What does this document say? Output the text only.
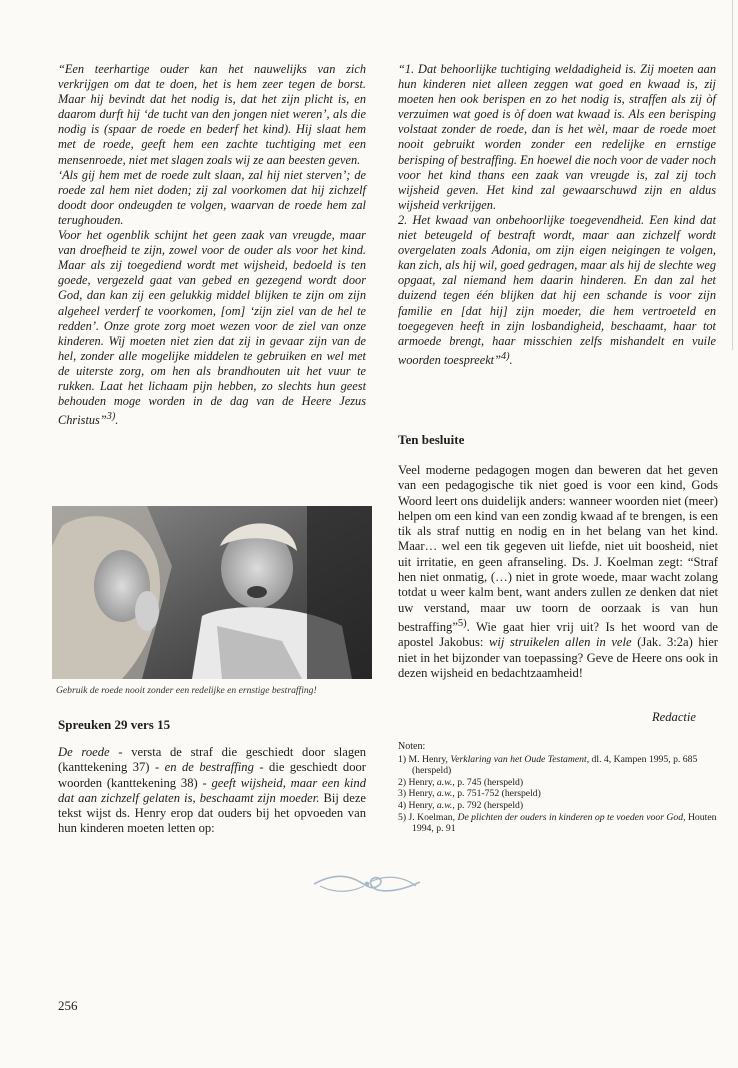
“Een teerhartige ouder kan het nauwelijks van zich verkrijgen om dat te doen, het is hem zeer tegen de borst. Maar hij bevindt dat het nodig is, dat het zijn plicht is, en daarom durft hij ‘de tucht van den jongen niet weren’, als die nodig is (spaar de roede en bederf het kind). Hij slaat hem met de roede, geeft hem een zachte tuchtiging met een mensenroede, niet met slagen zoals wij ze aan beesten geven.

‘Als gij hem met de roede zult slaan, zal hij niet sterven’; de roede zal hem niet doden; zij zal voorkomen dat hij zichzelf doodt door ondeugden te volgen, waarvan de roede hem zal terughouden.

Voor het ogenblik schijnt het geen zaak van vreugde, maar van droefheid te zijn, zowel voor de ouder als voor het kind. Maar als zij toegediend wordt met wijsheid, bedoeld is ten goede, vergezeld gaat van gebed en gezegend wordt door God, dan kan zij een gelukkig middel blijken te zijn om zijn algeheel verderf te voorkomen, [om] ‘zijn ziel van de hel te redden’. Onze grote zorg moet wezen voor de ziel van onze kinderen. Wij moeten niet zien dat zij in gevaar zijn van de hel, zonder alle mogelijke middelen te gebruiken en wel met de uiterste zorg, om hen als brandhouten uit het vuur te rukken. Laat het lichaam pijn hebben, zo slechts hun geest behouden moge worden in de dag van de Heere Jezus Christus”$^{3)}$.

Gebruik de roede nooit zonder een redelijke en ernstige bestraffing!
Spreuken 29 vers 15

De roede - versta de straf die geschiedt door slagen (kanttekening 37) - en de bestraffing - die geschiedt door woorden (kanttekening 38) - geeft wijsheid, maar een kind dat aan zichzelf gelaten is, beschaamt zijn moeder. Bij deze tekst wijst ds. Henry erop dat ouders bij het opvoeden van hun kinderen moeten letten op:

“1. Dat behoorlijke tuchtiging weldadigheid is. Zij moeten aan hun kinderen niet alleen zeggen wat goed en kwaad is, zij moeten hen ook berispen en zo het nodig is, straffen als zij òf verzuimen wat goed is òf doen wat kwaad is. Als een berisping volstaat zonder de roede, dan is het wèl, maar de roede moet nooit gebruikt worden zonder een redelijke en ernstige berisping of bestraffing. En hoewel die noch voor de vader noch voor het kind thans een zaak van vreugde is, zal zij toch wijsheid geven. Het kind zal gewaarschuwd zijn en aldus wijsheid verkrijgen.

2. Het kwaad van onbehoorlijke toegevendheid. Een kind dat niet beteugeld of bestraft wordt, maar aan zichzelf wordt overgelaten zoals Adonia, om zijn eigen neigingen te volgen, kan zich, als hij wil, goed gedragen, maar als hij de slechte weg opgaat, zal niemand hem daarin hinderen. En dan zal het duizend tegen één blijken dat hij een schande is voor zijn familie en [dat hij] zijn moeder, die hem vertroeteld en toegegeven heeft in zijn losbandigheid, beschaamt, haar tot armoede brengt, haar misschien zelfs mishandelt en vuile woorden toespreekt”$^{4)}$.

Ten besluite

Veel moderne pedagogen mogen dan beweren dat het geven van een pedagogische tik niet goed is voor een kind, Gods Woord leert ons duidelijk anders: wanneer woorden niet (meer) helpen om een kind van een zondig kwaad af te brengen, is een tik als straf nuttig en nodig en in het belang van het kind. Maar… wel een tik gegeven uit liefde, niet uit boosheid, niet uit irritatie, en geen afranseling. Ds. J. Koelman zegt: “Straf hen niet onmatig, (…) niet in grote woede, maar wacht zolang totdat u weer kalm bent, want anders zullen ze denken dat niet uw verstand, maar uw toorn de oorzaak is van hun bestraffing”$^{5)}$. Wie gaat hier vrij uit? Is het woord van de apostel Jakobus: wij struikelen allen in vele (Jak. 3:2a) hier niet in het bijzonder van toepassing? Geve de Heere ons ook in dezen wijsheid en bedachtzaamheid!

Redactie
Noten:
1) M. Henry, Verklaring van het Oude Testament, dl. 4, Kampen 1995, p. 685 (herspeld)
2) Henry, a.w., p. 745 (herspeld)
3) Henry, a.w., p. 751-752 (herspeld)
4) Henry, a.w., p. 792 (herspeld)
5) J. Koelman, De plichten der ouders in kinderen op te voeden voor God, Houten 1994, p. 91
256
